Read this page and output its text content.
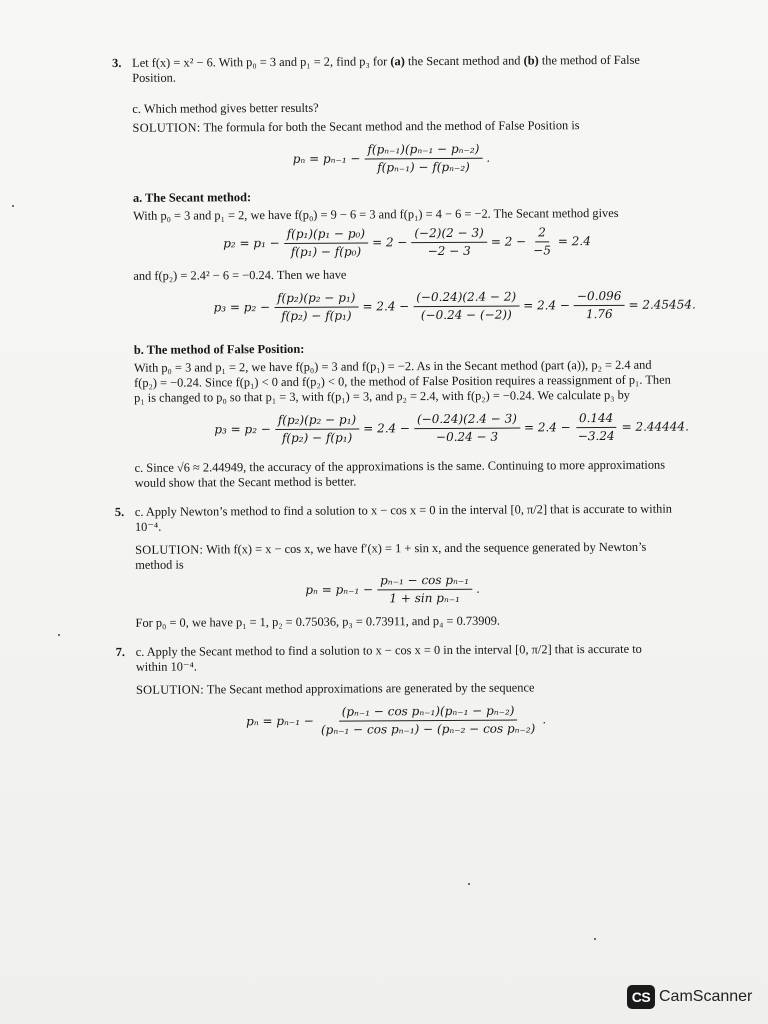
3. Let f(x) = x² − 6. With p₀ = 3 and p₁ = 2, find p₃ for (a) the Secant method and (b) the method of False Position.

c. Which method gives better results?

SOLUTION: The formula for both the Secant method and the method of False Position is

$p_n = p_{n-1} - \frac{\text{f(pₙ₋₁)(pₙ₋₁ − pₙ₋₂)}}{\text{f(pₙ₋₁) − f(pₙ₋₂)}}$ .

a. The Secant method:

With p₀ = 3 and p₁ = 2, we have f(p₀) = 9 − 6 = 3 and f(p₁) = 4 − 6 = −2. The Secant method gives

$p_2 = p_1 - \frac{\text{f(p₁)(p₁ − p₀)}}{\text{f(p₁) − f(p₀)}} = 2 - \frac{(-2)(2 - 3)}{-2 - 3} = 2 - \frac{2}{-5} = 2.4$

and f(p₂) = 2.4² − 6 = −0.24. Then we have

$p_3 = p_2 - \frac{\text{f(p₂)(p₂ − p₁)}}{\text{f(p₂) − f(p₁)}} = 2.4 - \frac{(-0.24)(2.4 - 2)}{(-0.24 - (-2))} = 2.4 - \frac{-0.096}{1.76} = 2.45454$.

b. The method of False Position:

With p₀ = 3 and p₁ = 2, we have f(p₀) = 3 and f(p₁) = −2. As in the Secant method (part (a)), p₂ = 2.4 and f(p₂) = −0.24. Since f(p₁) < 0 and f(p₂) < 0, the method of False Position requires a reassignment of p₁. Then p₁ is changed to p₀ so that p₁ = 3, with f(p₁) = 3, and p₂ = 2.4, with f(p₂) = −0.24. We calculate p₃ by

$p_3 = p_2 - \frac{\text{f(p₂)(p₂ − p₁)}}{\text{f(p₂) − f(p₁)}} = 2.4 - \frac{(-0.24)(2.4 - 3)}{-0.24 - 3} = 2.4 - \frac{0.144}{-3.24} = 2.44444$.

c. Since √6 ≈ 2.44949, the accuracy of the approximations is the same. Continuing to more approximations would show that the Secant method is better.

5. c. Apply Newton’s method to find a solution to x − cos x = 0 in the interval [0, π/2] that is accurate to within 10⁻⁴.

SOLUTION: With f(x) = x − cos x, we have f′(x) = 1 + sin x, and the sequence generated by Newton’s method is

$p_n = p_{n-1} - \frac{\text{pₙ₋₁ − cos pₙ₋₁}}{\text{1 + sin pₙ₋₁}}$ .

For p₀ = 0, we have p₁ = 1, p₂ = 0.75036, p₃ = 0.73911, and p₄ = 0.73909.

7. c. Apply the Secant method to find a solution to x − cos x = 0 in the interval [0, π/2] that is accurate to within 10⁻⁴.

SOLUTION: The Secant method approximations are generated by the sequence

$p_n = p_{n-1} - \frac{\text{(pₙ₋₁ − cos pₙ₋₁)(pₙ₋₁ − pₙ₋₂)}}{\text{(pₙ₋₁ − cos pₙ₋₁) − (pₙ₋₂ − cos pₙ₋₂)}}$ .
CS CamScanner
